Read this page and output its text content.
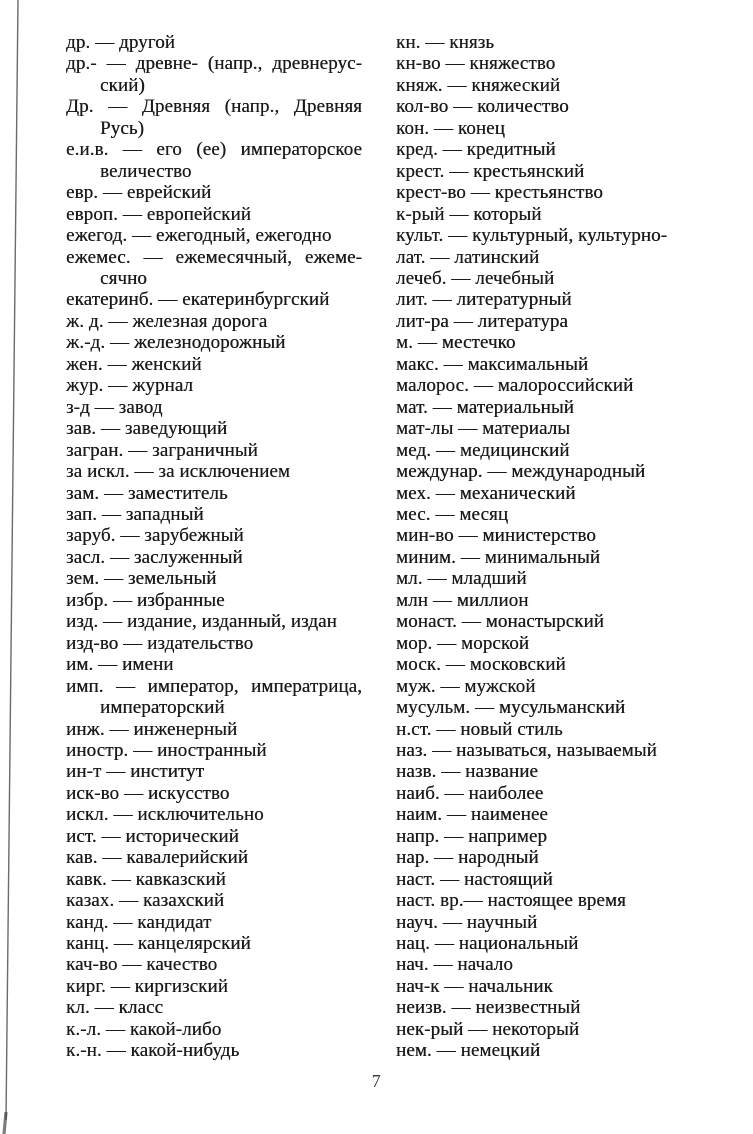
др. — другой
др.- — древне- (напр., древнерус-
ский)
Др. — Древняя (напр., Древняя
Русь)
е.и.в. — его (ее) императорское
величество
евр. — еврейский
европ. — европейский
ежегод. — ежегодный, ежегодно
ежемес. — ежемесячный, ежеме-
сячно
екатеринб. — екатеринбургский
ж. д. — железная дорога
ж.-д. — железнодорожный
жен. — женский
жур. — журнал
з-д — завод
зав. — заведующий
загран. — заграничный
за искл. — за исключением
зам. — заместитель
зап. — западный
заруб. — зарубежный
засл. — заслуженный
зем. — земельный
избр. — избранные
изд. — издание, изданный, издан
изд-во — издательство
им. — имени
имп. — император, императрица,
императорский
инж. — инженерный
иностр. — иностранный
ин-т — институт
иск-во — искусство
искл. — исключительно
ист. — исторический
кав. — кавалерийский
кавк. — кавказский
казах. — казахский
канд. — кандидат
канц. — канцелярский
кач-во — качество
кирг. — киргизский
кл. — класс
к.-л. — какой-либо
к.-н. — какой-нибудь
кн. — князь
кн-во — княжество
княж. — княжеский
кол-во — количество
кон. — конец
кред. — кредитный
крест. — крестьянский
крест-во — крестьянство
к-рый — который
культ. — культурный, культурно-
лат. — латинский
лечеб. — лечебный
лит. — литературный
лит-ра — литература
м. — местечко
макс. — максимальный
малорос. — малороссийский
мат. — материальный
мат-лы — материалы
мед. — медицинский
междунар. — международный
мех. — механический
мес. — месяц
мин-во — министерство
миним. — минимальный
мл. — младший
млн — миллион
монаст. — монастырский
мор. — морской
моск. — московский
муж. — мужской
мусульм. — мусульманский
н.ст. — новый стиль
наз. — называться, называемый
назв. — название
наиб. — наиболее
наим. — наименее
напр. — например
нар. — народный
наст. — настоящий
наст. вр.— настоящее время
науч. — научный
нац. — национальный
нач. — начало
нач-к — начальник
неизв. — неизвестный
нек-рый — некоторый
нем. — немецкий
7
